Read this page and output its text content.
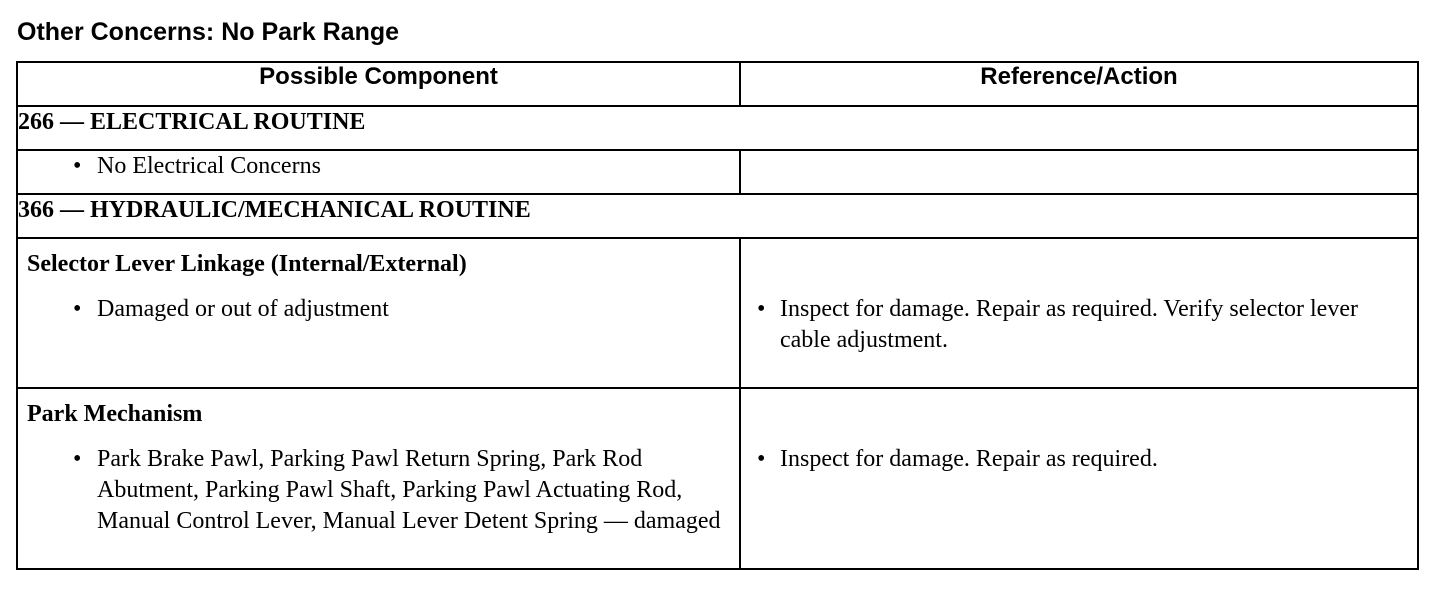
Other Concerns: No Park Range
Possible Component	Reference/Action
266 — ELECTRICAL ROUTINE	

• No Electrical Concerns

366 — HYDRAULIC/MECHANICAL ROUTINE	

Selector Lever Linkage (Internal/External)
• Damaged or out of adjustment	• Inspect for damage. Repair as required. Verify selector lever cable adjustment.

Park Mechanism
• Park Brake Pawl, Parking Pawl Return Spring, Park Rod Abutment, Parking Pawl Shaft, Parking Pawl Actuating Rod, Manual Control Lever, Manual Lever Detent Spring — damaged	• Inspect for damage. Repair as required.
